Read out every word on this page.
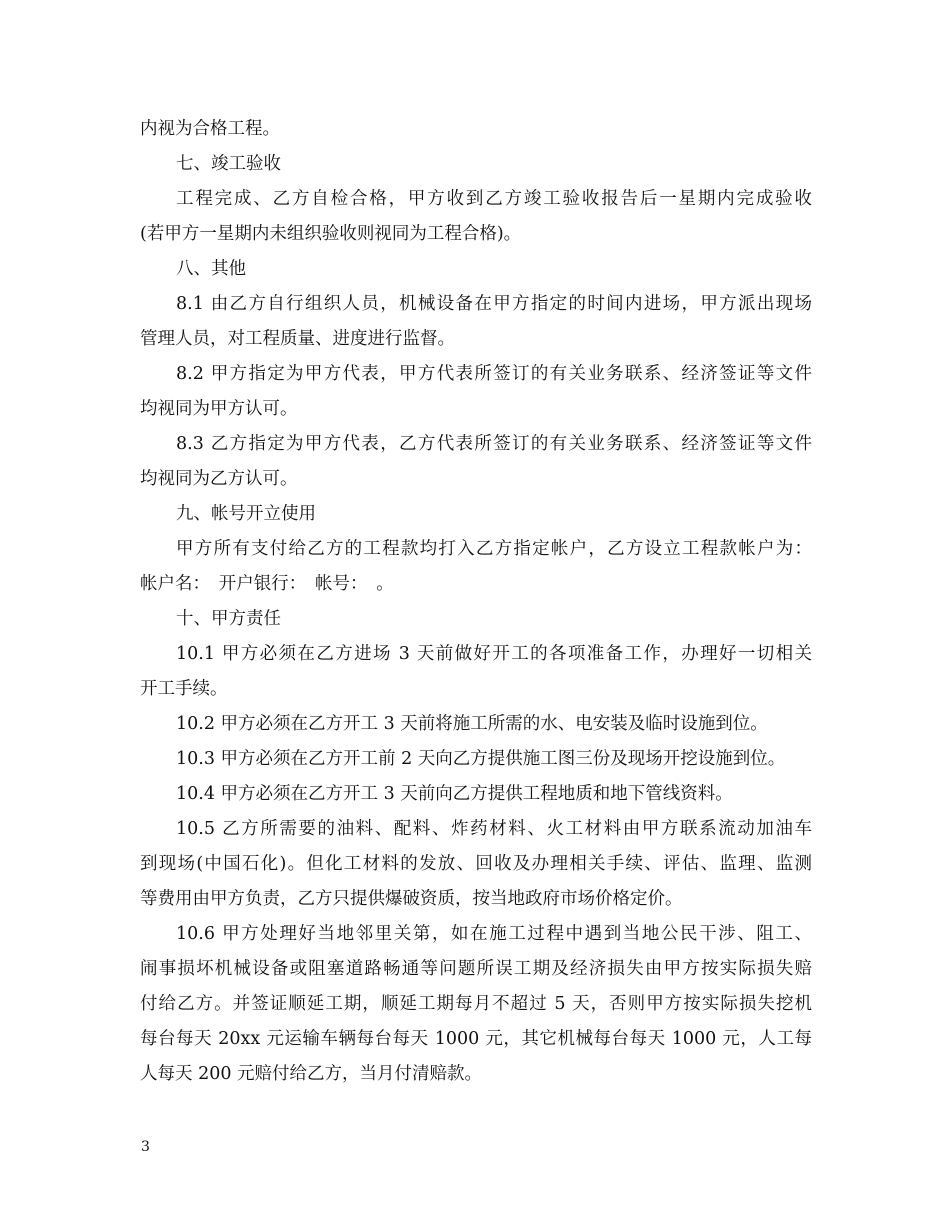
内视为合格工程。
七、竣工验收
工程完成、乙方自检合格，甲方收到乙方竣工验收报告后一星期内完成验收
(若甲方一星期内未组织验收则视同为工程合格)。
八、其他
8.1 由乙方自行组织人员，机械设备在甲方指定的时间内进场，甲方派出现场
管理人员，对工程质量、进度进行监督。
8.2 甲方指定为甲方代表，甲方代表所签订的有关业务联系、经济签证等文件
均视同为甲方认可。
8.3 乙方指定为甲方代表，乙方代表所签订的有关业务联系、经济签证等文件
均视同为乙方认可。
九、帐号开立使用
甲方所有支付给乙方的工程款均打入乙方指定帐户，乙方设立工程款帐户为：
帐户名：　开户银行：　帐号：　。
十、甲方责任
10.1 甲方必须在乙方进场 3 天前做好开工的各项准备工作，办理好一切相关
开工手续。
10.2 甲方必须在乙方开工 3 天前将施工所需的水、电安装及临时设施到位。
10.3 甲方必须在乙方开工前 2 天向乙方提供施工图三份及现场开挖设施到位。
10.4 甲方必须在乙方开工 3 天前向乙方提供工程地质和地下管线资料。
10.5 乙方所需要的油料、配料、炸药材料、火工材料由甲方联系流动加油车
到现场(中国石化)。但化工材料的发放、回收及办理相关手续、评估、监理、监测
等费用由甲方负责，乙方只提供爆破资质，按当地政府市场价格定价。
10.6 甲方处理好当地邻里关第，如在施工过程中遇到当地公民干涉、阻工、
闹事损坏机械设备或阻塞道路畅通等问题所误工期及经济损失由甲方按实际损失赔
付给乙方。并签证顺延工期，顺延工期每月不超过 5 天，否则甲方按实际损失挖机
每台每天 20xx 元运输车辆每台每天 1000 元，其它机械每台每天 1000 元，人工每
人每天 200 元赔付给乙方，当月付清赔款。
3
